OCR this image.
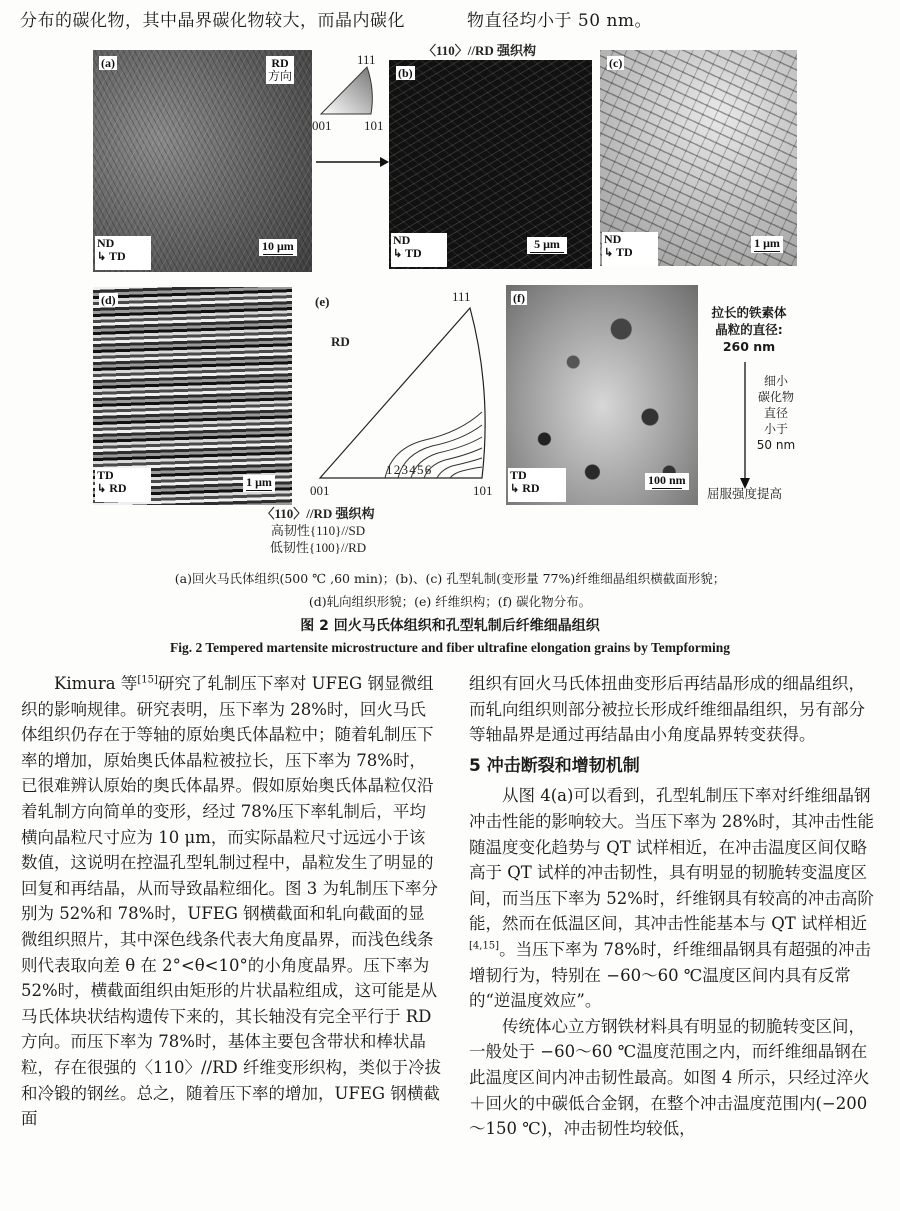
分布的碳化物，其中晶界碳化物较大，而晶内碳化	物直径均小于 50 nm。
(a)	RD
方向
ND
↳ TD
10 μm
111
001	101
〈110〉//RD 强织构
(b)
ND
↳ TD
5 μm
(c)
ND
↳ TD
1 μm
(d)
TD
↳ RD	1 μm
(e)
RD
111
1 2 3 4 5 6
001	101
〈110〉//RD 强织构
高韧性{110}//SD
低韧性{100}//RD
(f)
TD
↳ RD
100 nm
拉长的铁素体
晶粒的直径:
260 nm
细小
碳化物
直径
小于
50 nm
屈服强度提高
(a)回火马氏体组织(500 ℃ ,60 min)；(b)、(c) 孔型轧制(变形量 77%)纤维细晶组织横截面形貌；
(d)轧向组织形貌；(e) 纤维织构；(f) 碳化物分布。
图 2 回火马氏体组织和孔型轧制后纤维细晶组织
Fig. 2 Tempered martensite microstructure and fiber ultrafine elongation grains by Tempforming

Kimura 等[15]研究了轧制压下率对 UFEG 钢显微组织的影响规律。研究表明，压下率为 28%时，回火马氏体组织仍存在于等轴的原始奥氏体晶粒中；随着轧制压下率的增加，原始奥氏体晶粒被拉长，压下率为 78%时，已很难辨认原始的奥氏体晶界。假如原始奥氏体晶粒仅沿着轧制方向简单的变形，经过 78%压下率轧制后，平均横向晶粒尺寸应为 10 μm，而实际晶粒尺寸远远小于该数值，这说明在控温孔型轧制过程中，晶粒发生了明显的回复和再结晶，从而导致晶粒细化。图 3 为轧制压下率分别为 52%和 78%时，UFEG 钢横截面和轧向截面的显微组织照片，其中深色线条代表大角度晶界，而浅色线条则代表取向差 θ 在 2°<θ<10°的小角度晶界。压下率为 52%时，横截面组织由矩形的片状晶粒组成，这可能是从马氏体块状结构遗传下来的，其长轴没有完全平行于 RD 方向。而压下率为 78%时，基体主要包含带状和棒状晶粒，存在很强的〈110〉//RD 纤维变形织构，类似于冷拔和冷锻的钢丝。总之，随着压下率的增加，UFEG 钢横截面

组织有回火马氏体扭曲变形后再结晶形成的细晶组织，而轧向组织则部分被拉长形成纤维细晶组织，另有部分等轴晶界是通过再结晶由小角度晶界转变获得。

5 冲击断裂和增韧机制

从图 4(a)可以看到，孔型轧制压下率对纤维细晶钢冲击性能的影响较大。当压下率为 28%时，其冲击性能随温度变化趋势与 QT 试样相近，在冲击温度区间仅略高于 QT 试样的冲击韧性，具有明显的韧脆转变温度区间，而当压下率为 52%时，纤维钢具有较高的冲击高阶能，然而在低温区间，其冲击性能基本与 QT 试样相近[4,15]。当压下率为 78%时，纤维细晶钢具有超强的冲击增韧行为，特别在 −60～60 ℃温度区间内具有反常的“逆温度效应”。

传统体心立方钢铁材料具有明显的韧脆转变区间，一般处于 −60～60 ℃温度范围之内，而纤维细晶钢在此温度区间内冲击韧性最高。如图 4 所示，只经过淬火＋回火的中碳低合金钢，在整个冲击温度范围内(−200～150 ℃)，冲击韧性均较低，
